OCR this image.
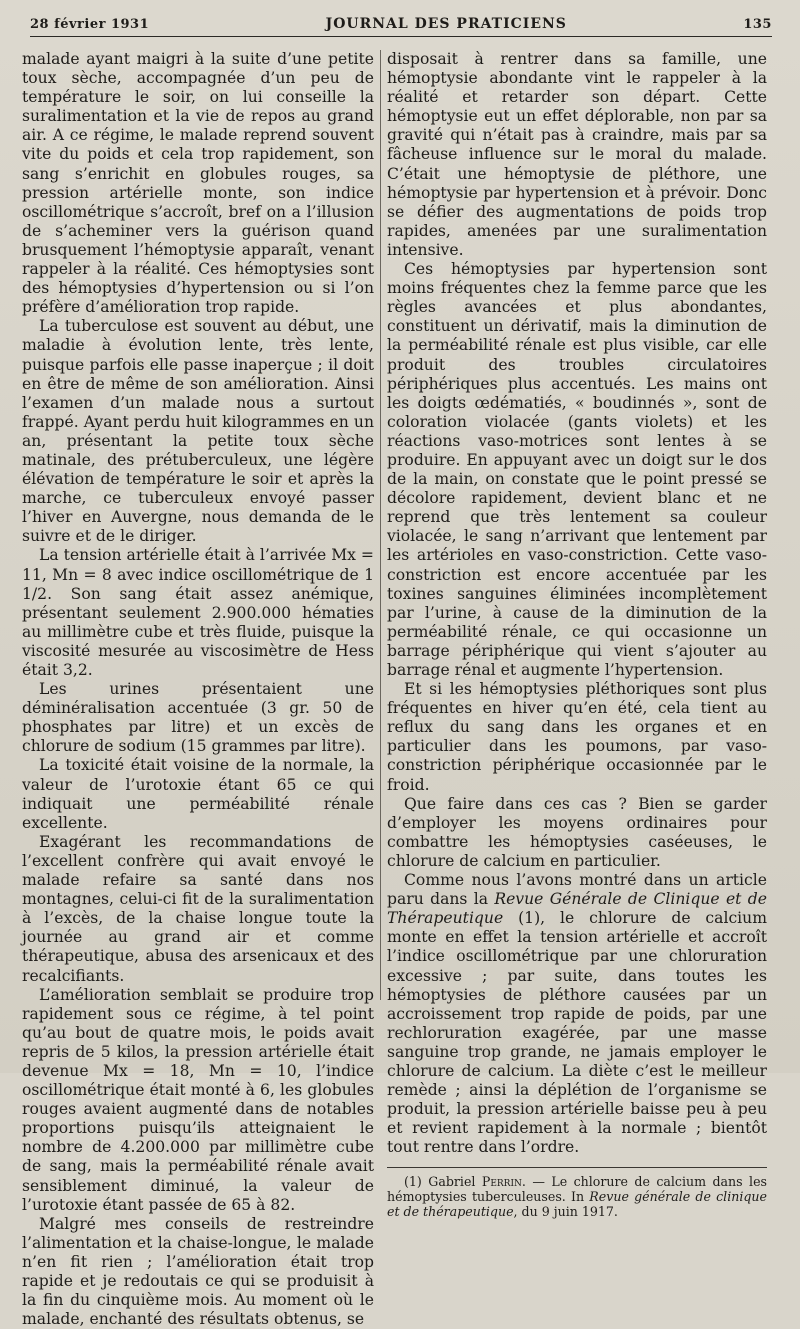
28 février 1931	JOURNAL DES PRATICIENS	135

malade ayant maigri à la suite d’une petite toux sèche, accompagnée d’un peu de température le soir, on lui conseille la suralimentation et la vie de repos au grand air. A ce régime, le malade reprend souvent vite du poids et cela trop rapidement, son sang s’enrichit en globules rouges, sa pression artérielle monte, son indice oscillométrique s’accroît, bref on a l’illusion de s’acheminer vers la guérison quand brusquement l’hémoptysie apparaît, venant rappeler à la réalité. Ces hémoptysies sont des hémoptysies d’hypertension ou si l’on préfère d’amélioration trop rapide.

La tuberculose est souvent au début, une maladie à évolution lente, très lente, puisque parfois elle passe inaperçue ; il doit en être de même de son amélioration. Ainsi l’examen d’un malade nous a surtout frappé. Ayant perdu huit kilogrammes en un an, présentant la petite toux sèche matinale, des prétuberculeux, une légère élévation de température le soir et après la marche, ce tuberculeux envoyé passer l’hiver en Auvergne, nous demanda de le suivre et de le diriger.

La tension artérielle était à l’arrivée Mx = 11, Mn = 8 avec indice oscillométrique de 1 1/2. Son sang était assez anémique, présentant seulement 2.900.000 hématies au millimètre cube et très fluide, puisque la viscosité mesurée au viscosimètre de Hess était 3,2.

Les urines présentaient une déminéralisation accentuée (3 gr. 50 de phosphates par litre) et un excès de chlorure de sodium (15 grammes par litre).

La toxicité était voisine de la normale, la valeur de l’urotoxie étant 65 ce qui indiquait une perméabilité rénale excellente.

Exagérant les recommandations de l’excellent confrère qui avait envoyé le malade refaire sa santé dans nos montagnes, celui-ci fit de la suralimentation à l’excès, de la chaise longue toute la journée au grand air et comme thérapeutique, abusa des arsenicaux et des recalcifiants.

L’amélioration semblait se produire trop rapidement sous ce régime, à tel point qu’au bout de quatre mois, le poids avait repris de 5 kilos, la pression artérielle était devenue Mx = 18, Mn = 10, l’indice oscillométrique était monté à 6, les globules rouges avaient augmenté dans de notables proportions puisqu’ils atteignaient le nombre de 4.200.000 par millimètre cube de sang, mais la perméabilité rénale avait sensiblement diminué, la valeur de l’urotoxie étant passée de 65 à 82.

Malgré mes conseils de restreindre l’alimentation et la chaise-longue, le malade n’en fit rien ; l’amélioration était trop rapide et je redoutais ce qui se produisit à la fin du cinquième mois. Au moment où le malade, enchanté des résultats obtenus, se

disposait à rentrer dans sa famille, une hémoptysie abondante vint le rappeler à la réalité et retarder son départ. Cette hémoptysie eut un effet déplorable, non par sa gravité qui n’était pas à craindre, mais par sa fâcheuse influence sur le moral du malade. C’était une hémoptysie de pléthore, une hémoptysie par hypertension et à prévoir. Donc se défier des augmentations de poids trop rapides, amenées par une suralimentation intensive.

Ces hémoptysies par hypertension sont moins fréquentes chez la femme parce que les règles avancées et plus abondantes, constituent un dérivatif, mais la diminution de la perméabilité rénale est plus visible, car elle produit des troubles circulatoires périphériques plus accentués. Les mains ont les doigts œdématiés, « boudinnés », sont de coloration violacée (gants violets) et les réactions vaso-motrices sont lentes à se produire. En appuyant avec un doigt sur le dos de la main, on constate que le point pressé se décolore rapidement, devient blanc et ne reprend que très lentement sa couleur violacée, le sang n’arrivant que lentement par les artérioles en vaso-constriction. Cette vaso-constriction est encore accentuée par les toxines sanguines éliminées incomplètement par l’urine, à cause de la diminution de la perméabilité rénale, ce qui occasionne un barrage périphérique qui vient s’ajouter au barrage rénal et augmente l’hypertension.

Et si les hémoptysies pléthoriques sont plus fréquentes en hiver qu’en été, cela tient au reflux du sang dans les organes et en particulier dans les poumons, par vaso-constriction périphérique occasionnée par le froid.

Que faire dans ces cas ? Bien se garder d’employer les moyens ordinaires pour combattre les hémoptysies caséeuses, le chlorure de calcium en particulier.

Comme nous l’avons montré dans un article paru dans la Revue Générale de Clinique et de Thérapeutique (1), le chlorure de calcium monte en effet la tension artérielle et accroît l’indice oscillométrique par une chloruration excessive ; par suite, dans toutes les hémoptysies de pléthore causées par un accroissement trop rapide de poids, par une rechloruration exagérée, par une masse sanguine trop grande, ne jamais employer le chlorure de calcium. La diète c’est le meilleur remède ; ainsi la déplétion de l’organisme se produit, la pression artérielle baisse peu à peu et revient rapidement à la normale ; bientôt tout rentre dans l’ordre.

(1) Gabriel Perrin. — Le chlorure de calcium dans les hémoptysies tuberculeuses. In Revue générale de clinique et de thérapeutique, du 9 juin 1917.
